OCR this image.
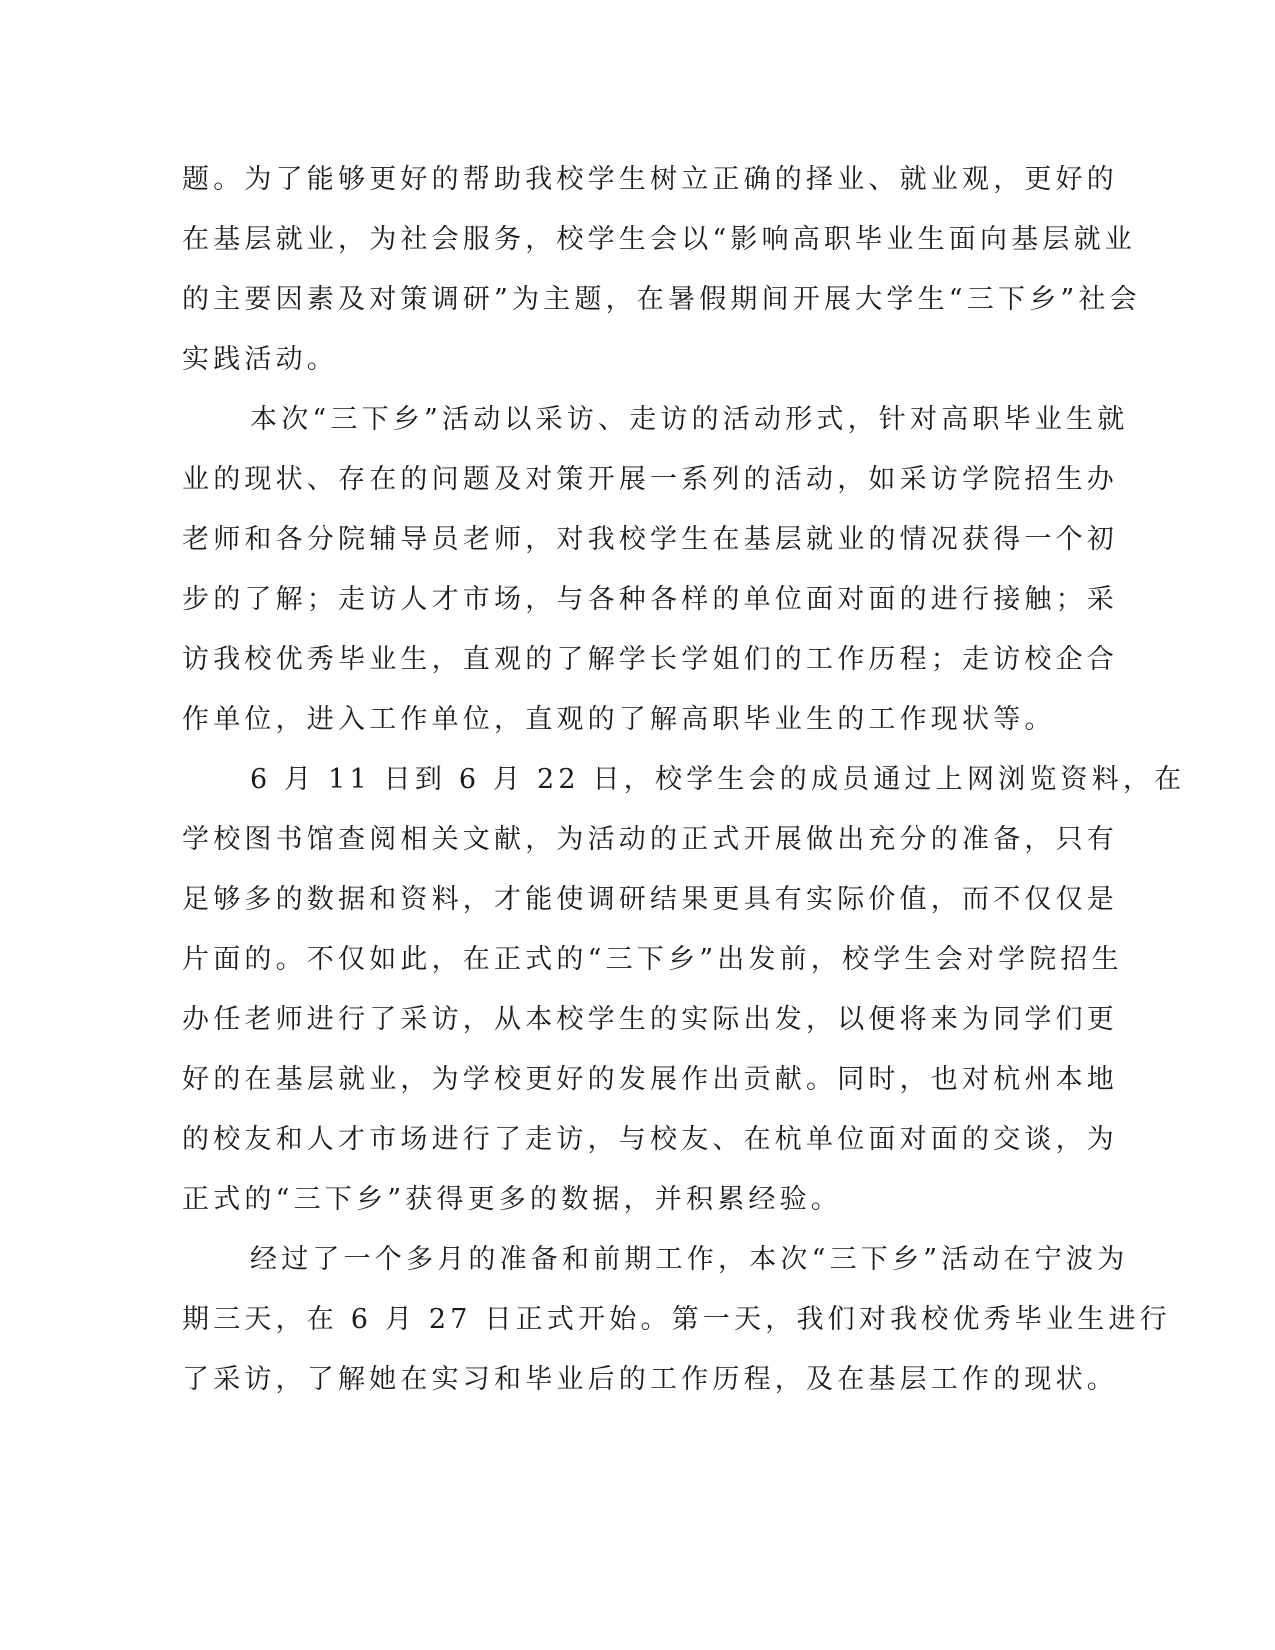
题。为了能够更好的帮助我校学生树立正确的择业、就业观，更好的
在基层就业，为社会服务，校学生会以“影响高职毕业生面向基层就业
的主要因素及对策调研”为主题，在暑假期间开展大学生“三下乡”社会
实践活动。
本次“三下乡”活动以采访、走访的活动形式，针对高职毕业生就
业的现状、存在的问题及对策开展一系列的活动，如采访学院招生办
老师和各分院辅导员老师，对我校学生在基层就业的情况获得一个初
步的了解；走访人才市场，与各种各样的单位面对面的进行接触；采
访我校优秀毕业生，直观的了解学长学姐们的工作历程；走访校企合
作单位，进入工作单位，直观的了解高职毕业生的工作现状等。
6 月 11 日到 6 月 22 日，校学生会的成员通过上网浏览资料，在
学校图书馆查阅相关文献，为活动的正式开展做出充分的准备，只有
足够多的数据和资料，才能使调研结果更具有实际价值，而不仅仅是
片面的。不仅如此，在正式的“三下乡”出发前，校学生会对学院招生
办任老师进行了采访，从本校学生的实际出发，以便将来为同学们更
好的在基层就业，为学校更好的发展作出贡献。同时，也对杭州本地
的校友和人才市场进行了走访，与校友、在杭单位面对面的交谈，为
正式的“三下乡”获得更多的数据，并积累经验。
经过了一个多月的准备和前期工作，本次“三下乡”活动在宁波为
期三天，在 6 月 27 日正式开始。第一天，我们对我校优秀毕业生进行
了采访，了解她在实习和毕业后的工作历程，及在基层工作的现状。
